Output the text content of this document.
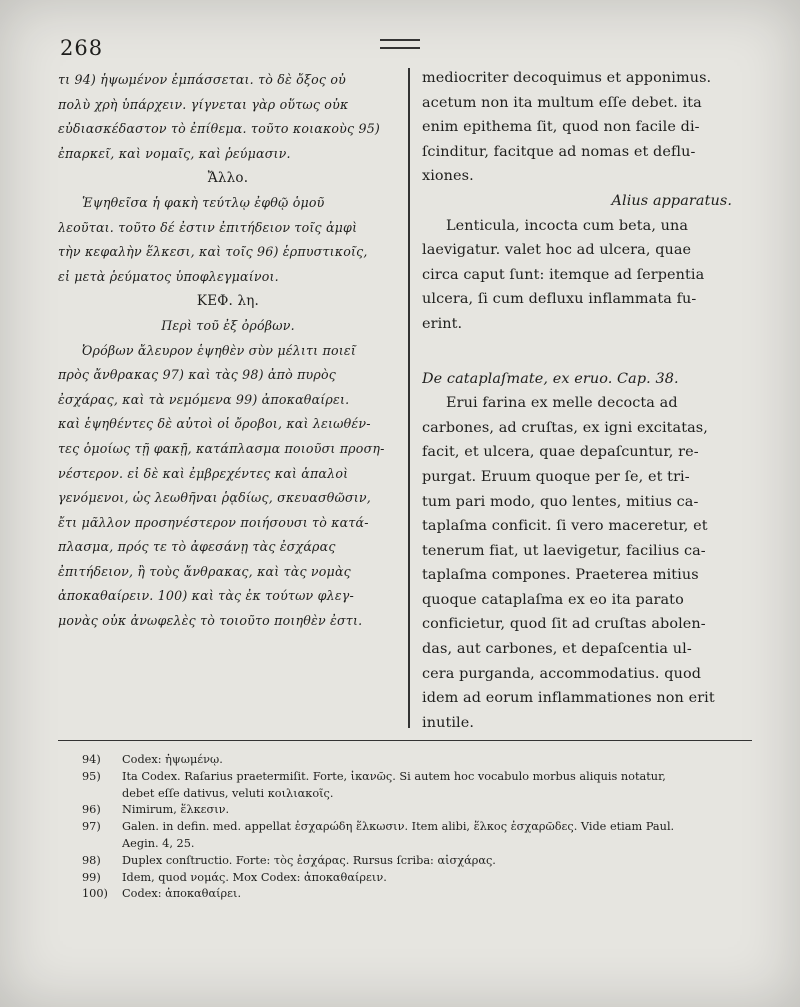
268
τι 94) ἡψωμένον ἐμπάσσεται. τὸ δὲ ὄξος οὐ
πολὺ χρὴ ὑπάρχειν. γίγνεται γὰρ οὕτως οὐκ
εὐδιασκέδαστον τὸ ἐπίθεμα. τοῦτο κοιακοὺς 95)
ἐπαρκεῖ, καὶ νομαῖς, καὶ ῥεύμασιν.
Ἄλλο.
Ἑψηθεῖσα ἡ φακὴ τεύτλῳ ἐφθῷ ὁμοῦ
λεοῦται. τοῦτο δέ ἐστιν ἐπιτήδειον τοῖς ἀμφὶ
τὴν κεφαλὴν ἕλκεσι, καὶ τοῖς 96) ἑρπυστικοῖς,
εἰ μετὰ ῥεύματος ὑποφλεγμαίνοι.
ΚΕΦ. λη.
Περὶ τοῦ ἐξ ὀρόβων.
Ὀρόβων ἄλευρον ἑψηθὲν σὺν μέλιτι ποιεῖ
πρὸς ἄνθρακας 97) καὶ τὰς 98) ἀπὸ πυρὸς
ἐσχάρας, καὶ τὰ νεμόμενα 99) ἀποκαθαίρει.
καὶ ἑψηθέντες δὲ αὐτοὶ οἱ ὄροβοι, καὶ λειωθέν-
τες ὁμοίως τῇ φακῇ, κατάπλασμα ποιοῦσι προση-
νέστερον. εἰ δὲ καὶ ἐμβρεχέντες καὶ ἁπαλοὶ
γενόμενοι, ὡς λεωθῆναι ῥᾳδίως, σκευασθῶσιν,
ἔτι μᾶλλον προσηνέστερον ποιήσουσι τὸ κατά-
πλασμα, πρός τε τὸ ἀφεσάνῃ τὰς ἐσχάρας
ἐπιτήδειον, ἢ τοὺς ἄνθρακας, καὶ τὰς νομὰς
ἀποκαθαίρειν. 100) καὶ τὰς ἐκ τούτων φλεγ-
μονὰς οὐκ ἀνωφελὲς τὸ τοιοῦτο ποιηθὲν ἐστι.
mediocriter decoquimus et apponimus.
acetum non ita multum eſſe debet. ita
enim epithema ſit, quod non facile di-
ſcinditur, facitque ad nomas et deflu-
xiones.
Alius apparatus.
Lenticula, incocta cum beta, una
laevigatur. valet hoc ad ulcera, quae
circa caput ſunt: itemque ad ſerpentia
ulcera, ſi cum defluxu inflammata fu-
erint.
De cataplaſmate, ex eruo. Cap. 38.
Erui farina ex melle decocta ad
carbones, ad cruſtas, ex igni excitatas,
facit, et ulcera, quae depaſcuntur, re-
purgat. Eruum quoque per ſe, et tri-
tum pari modo, quo lentes, mitius ca-
taplaſma conficit. ſi vero maceretur, et
tenerum fiat, ut laevigetur, facilius ca-
taplaſma compones. Praeterea mitius
quoque cataplaſma ex eo ita parato
conficietur, quod ſit ad cruſtas abolen-
das, aut carbones, et depaſcentia ul-
cera purganda, accommodatius. quod
idem ad eorum inflammationes non erit
inutile.
94)	Codex: ἡψωμένῳ.
95)	Ita Codex. Raſarius praetermiſit. Forte, ἱκανῶς. Si autem hoc vocabulo morbus aliquis notatur,
debet eſſe dativus, veluti κοιλιακοῖς.
96)	Nimirum, ἕλκεσιν.
97)	Galen. in defin. med. appellat ἐσχαρώδη ἕλκωσιν. Item alibi, ἕλκος ἐσχαρῶδες. Vide etiam Paul.
Aegin. 4, 25.
98)	Duplex conſtructio. Forte: τὸς ἐσχάρας. Rursus ſcriba: αἰσχάρας.
99)	Idem, quod νομάς. Mox Codex: ἀποκαθαίρειν.
100)	Codex: ἀποκαθαίρει.
